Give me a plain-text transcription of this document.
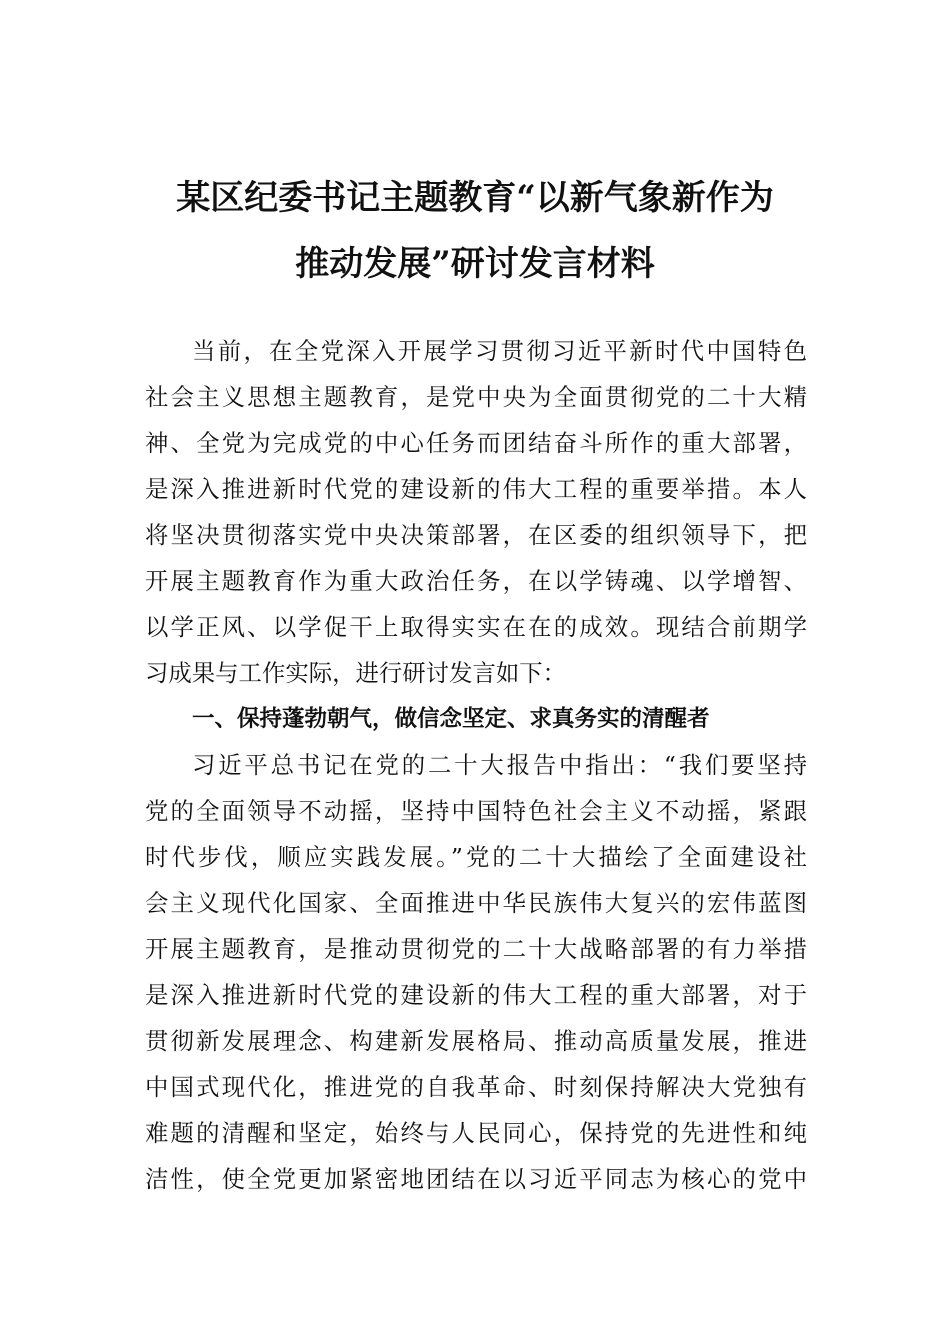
某区纪委书记主题教育“以新气象新作为
推动发展”研讨发言材料
当前，在全党深入开展学习贯彻习近平新时代中国特色
社会主义思想主题教育，是党中央为全面贯彻党的二十大精
神、全党为完成党的中心任务而团结奋斗所作的重大部署，
是深入推进新时代党的建设新的伟大工程的重要举措。本人
将坚决贯彻落实党中央决策部署，在区委的组织领导下，把
开展主题教育作为重大政治任务，在以学铸魂、以学增智、
以学正风、以学促干上取得实实在在的成效。现结合前期学
习成果与工作实际，进行研讨发言如下：
一、保持蓬勃朝气，做信念坚定、求真务实的清醒者
习近平总书记在党的二十大报告中指出：“我们要坚持
党的全面领导不动摇，坚持中国特色社会主义不动摇，紧跟
时代步伐，顺应实践发展。”党的二十大描绘了全面建设社
会主义现代化国家、全面推进中华民族伟大复兴的宏伟蓝图
开展主题教育，是推动贯彻党的二十大战略部署的有力举措
是深入推进新时代党的建设新的伟大工程的重大部署，对于
贯彻新发展理念、构建新发展格局、推动高质量发展，推进
中国式现代化，推进党的自我革命、时刻保持解决大党独有
难题的清醒和坚定，始终与人民同心，保持党的先进性和纯
洁性，使全党更加紧密地团结在以习近平同志为核心的党中
